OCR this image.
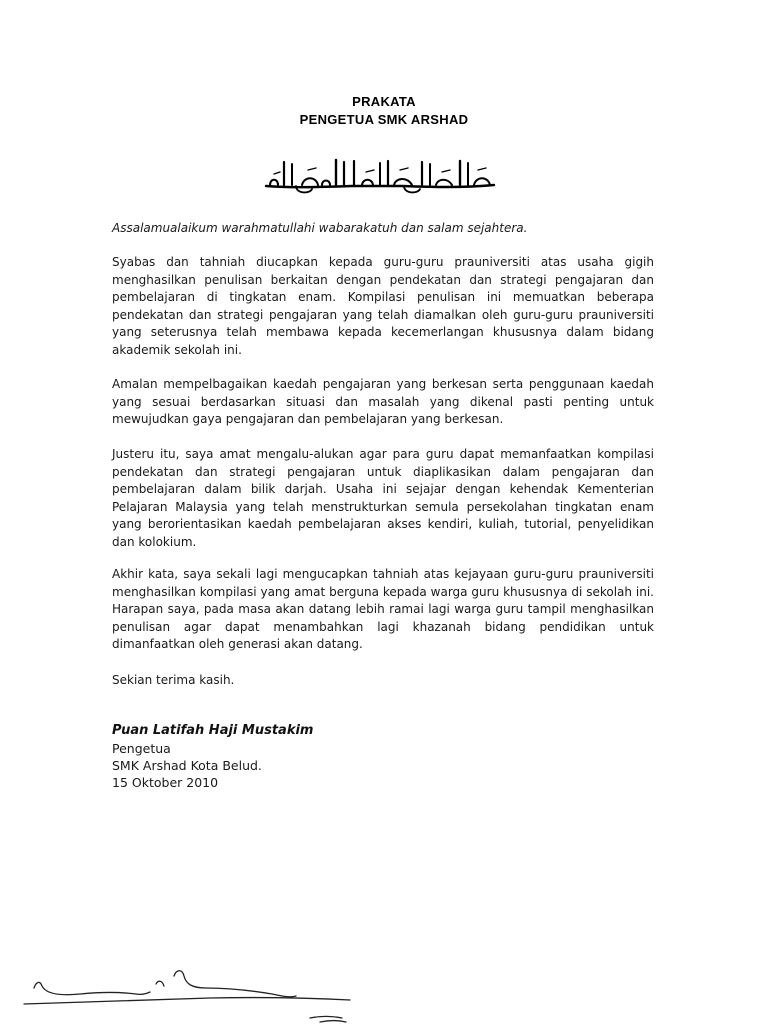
PRAKATA
PENGETUA SMK ARSHAD
Assalamualaikum warahmatullahi wabarakatuh dan salam sejahtera.

Syabas dan tahniah diucapkan kepada guru-guru prauniversiti atas usaha gigih menghasilkan penulisan berkaitan dengan pendekatan dan strategi pengajaran dan pembelajaran di tingkatan enam. Kompilasi penulisan ini memuatkan beberapa pendekatan dan strategi pengajaran yang telah diamalkan oleh guru-guru prauniversiti yang seterusnya telah membawa kepada kecemerlangan khususnya dalam bidang akademik sekolah ini.

Amalan mempelbagaikan kaedah pengajaran yang berkesan serta penggunaan kaedah yang sesuai berdasarkan situasi dan masalah yang dikenal pasti penting untuk mewujudkan gaya pengajaran dan pembelajaran yang berkesan.

Justeru itu, saya amat mengalu-alukan agar para guru dapat memanfaatkan kompilasi pendekatan dan strategi pengajaran untuk diaplikasikan dalam pengajaran dan pembelajaran dalam bilik darjah. Usaha ini sejajar dengan kehendak Kementerian Pelajaran Malaysia yang telah menstrukturkan semula persekolahan tingkatan enam yang berorientasikan kaedah pembelajaran akses kendiri, kuliah, tutorial, penyelidikan dan kolokium.

Akhir kata, saya sekali lagi mengucapkan tahniah atas kejayaan guru-guru prauniversiti menghasilkan kompilasi yang amat berguna kepada warga guru khususnya di sekolah ini. Harapan saya, pada masa akan datang lebih ramai lagi warga guru tampil menghasilkan penulisan agar dapat menambahkan lagi khazanah bidang pendidikan untuk dimanfaatkan oleh generasi akan datang.

Sekian terima kasih.
Puan Latifah Haji Mustakim
Pengetua
SMK Arshad Kota Belud.
15 Oktober 2010
